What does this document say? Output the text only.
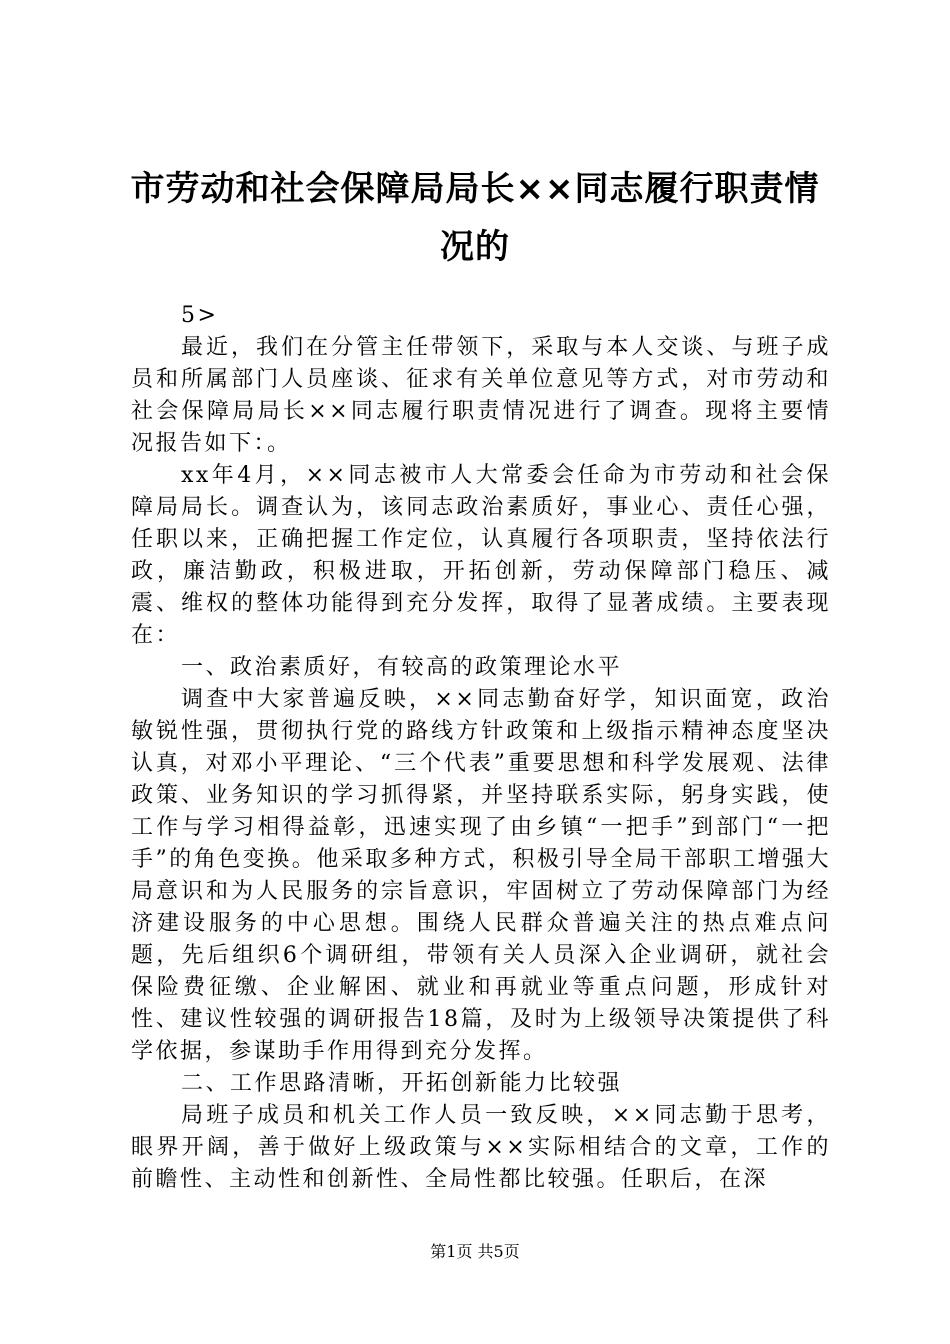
市劳动和社会保障局局长××同志履行职责情
况的

5>

最近，我们在分管主任带领下，采取与本人交谈、与班子成员和所属部门人员座谈、征求有关单位意见等方式，对市劳动和社会保障局局长××同志履行职责情况进行了调查。现将主要情况报告如下：。

xx年4月，××同志被市人大常委会任命为市劳动和社会保障局局长。调查认为，该同志政治素质好，事业心、责任心强，任职以来，正确把握工作定位，认真履行各项职责，坚持依法行政，廉洁勤政，积极进取，开拓创新，劳动保障部门稳压、减震、维权的整体功能得到充分发挥，取得了显著成绩。主要表现在：

一、政治素质好，有较高的政策理论水平

调查中大家普遍反映，××同志勤奋好学，知识面宽，政治敏锐性强，贯彻执行党的路线方针政策和上级指示精神态度坚决认真，对邓小平理论、“三个代表”重要思想和科学发展观、法律政策、业务知识的学习抓得紧，并坚持联系实际，躬身实践，使工作与学习相得益彰，迅速实现了由乡镇“一把手”到部门“一把手”的角色变换。他采取多种方式，积极引导全局干部职工增强大局意识和为人民服务的宗旨意识，牢固树立了劳动保障部门为经济建设服务的中心思想。围绕人民群众普遍关注的热点难点问题，先后组织6个调研组，带领有关人员深入企业调研，就社会保险费征缴、企业解困、就业和再就业等重点问题，形成针对性、建议性较强的调研报告18篇，及时为上级领导决策提供了科学依据，参谋助手作用得到充分发挥。

二、工作思路清晰，开拓创新能力比较强

局班子成员和机关工作人员一致反映，××同志勤于思考，眼界开阔，善于做好上级政策与××实际相结合的文章，工作的前瞻性、主动性和创新性、全局性都比较强。任职后，在深

第1页 共5页
